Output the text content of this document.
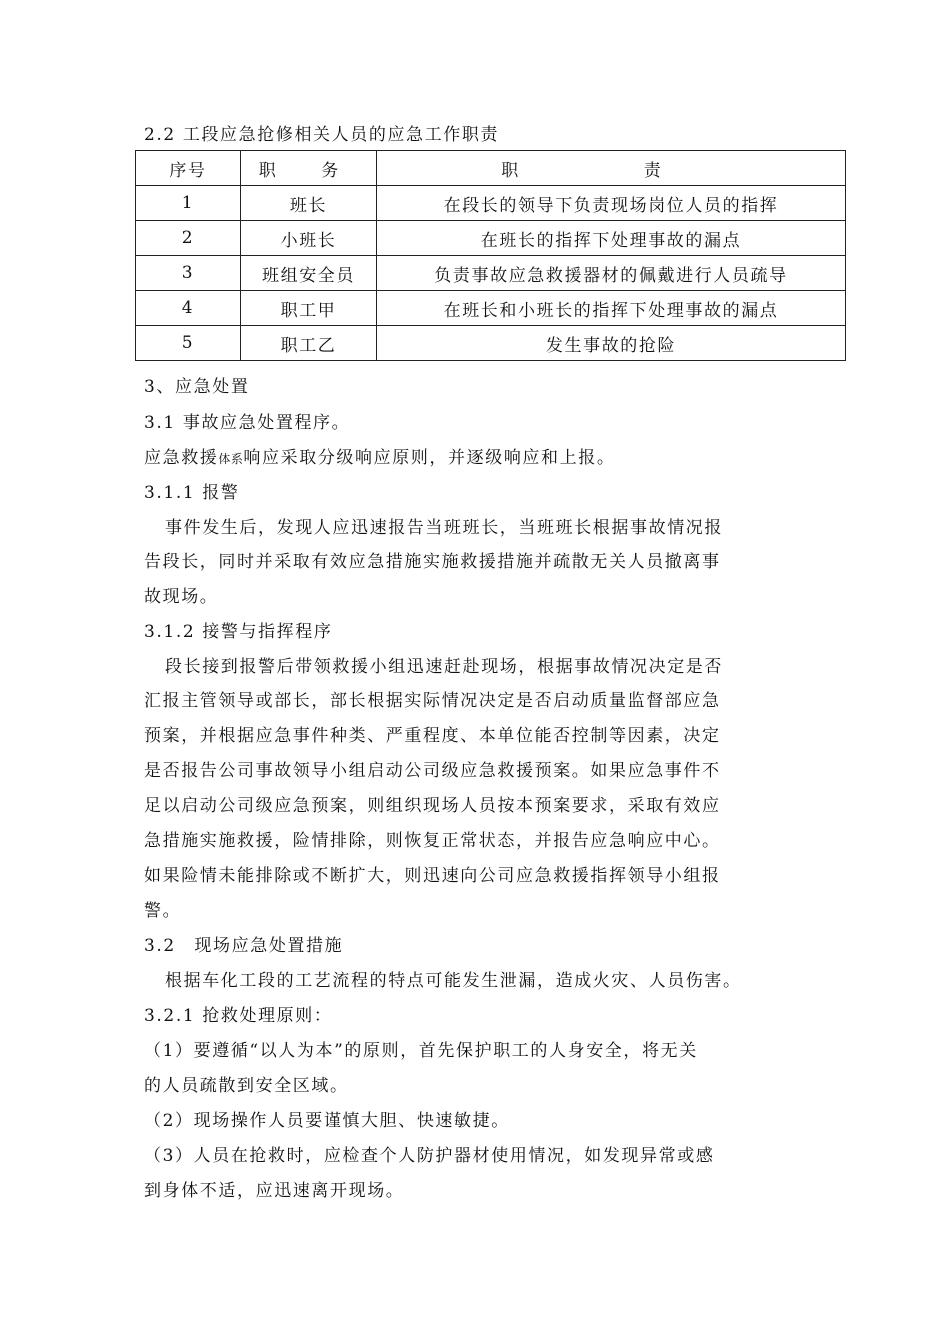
2.2 工段应急抢修相关人员的应急工作职责
序号	职 务	职 责
1	班长	在段长的领导下负责现场岗位人员的指挥
2	小班长	在班长的指挥下处理事故的漏点
3	班组安全员	负责事故应急救援器材的佩戴进行人员疏导
4	职工甲	在班长和小班长的指挥下处理事故的漏点
5	职工乙	发生事故的抢险
3、应急处置
3.1 事故应急处置程序。
应急救援体系响应采取分级响应原则，并逐级响应和上报。
3.1.1 报警
事件发生后，发现人应迅速报告当班班长，当班班长根据事故情况报
告段长，同时并采取有效应急措施实施救援措施并疏散无关人员撤离事
故现场。
3.1.2 接警与指挥程序
段长接到报警后带领救援小组迅速赶赴现场，根据事故情况决定是否
汇报主管领导或部长，部长根据实际情况决定是否启动质量监督部应急
预案，并根据应急事件种类、严重程度、本单位能否控制等因素，决定
是否报告公司事故领导小组启动公司级应急救援预案。如果应急事件不
足以启动公司级应急预案，则组织现场人员按本预案要求，采取有效应
急措施实施救援，险情排除，则恢复正常状态，并报告应急响应中心。
如果险情未能排除或不断扩大，则迅速向公司应急救援指挥领导小组报
警。
3.2　现场应急处置措施
根据车化工段的工艺流程的特点可能发生泄漏，造成火灾、人员伤害。
3.2.1 抢救处理原则：
（1）要遵循“以人为本”的原则，首先保护职工的人身安全，将无关
的人员疏散到安全区域。
（2）现场操作人员要谨慎大胆、快速敏捷。
（3）人员在抢救时，应检查个人防护器材使用情况，如发现异常或感
到身体不适，应迅速离开现场。
